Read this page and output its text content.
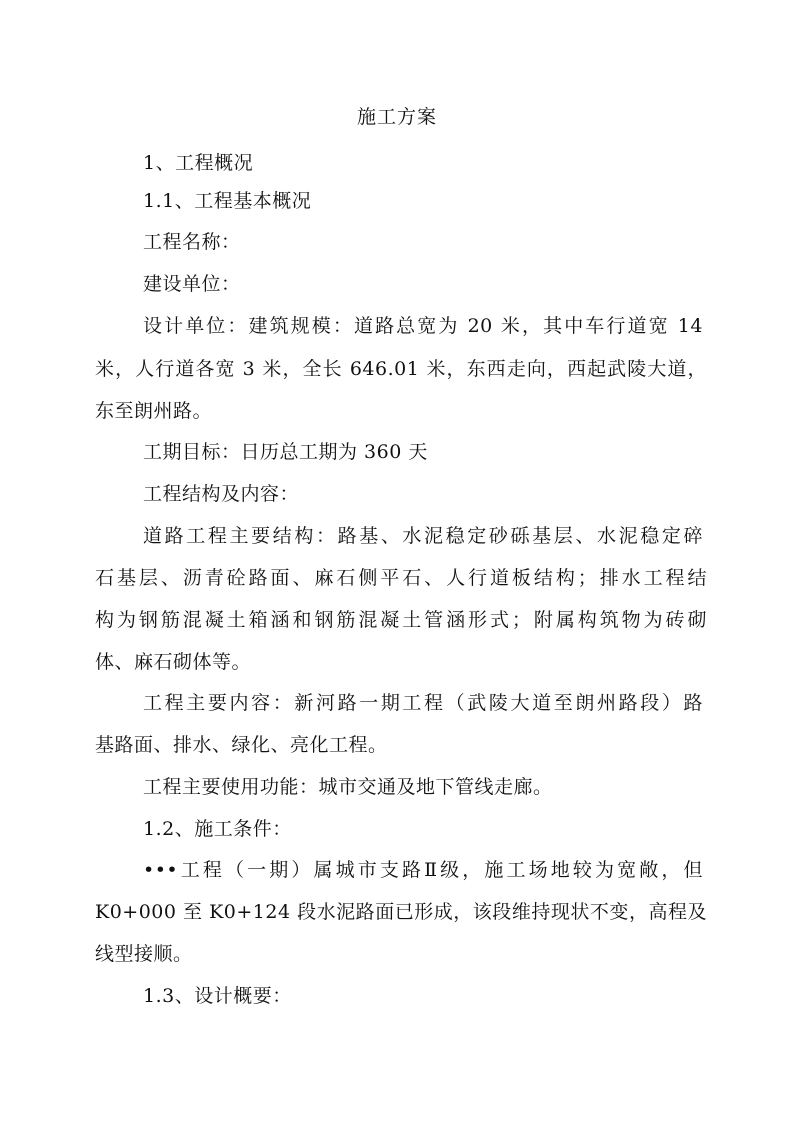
施工方案
1、工程概况
1.1、工程基本概况
工程名称：
建设单位：
设计单位：建筑规模：道路总宽为 20 米，其中车行道宽 14
米，人行道各宽 3 米，全长 646.01 米，东西走向，西起武陵大道，
东至朗州路。
工期目标：日历总工期为 360 天
工程结构及内容：
道路工程主要结构：路基、水泥稳定砂砾基层、水泥稳定碎
石基层、沥青砼路面、麻石侧平石、人行道板结构；排水工程结
构为钢筋混凝土箱涵和钢筋混凝土管涵形式；附属构筑物为砖砌
体、麻石砌体等。
工程主要内容：新河路一期工程（武陵大道至朗州路段）路
基路面、排水、绿化、亮化工程。
工程主要使用功能：城市交通及地下管线走廊。
1.2、施工条件：
•••工程（一期）属城市支路Ⅱ级，施工场地较为宽敞，但
K0+000 至 K0+124 段水泥路面已形成，该段维持现状不变，高程及
线型接顺。
1.3、设计概要：
